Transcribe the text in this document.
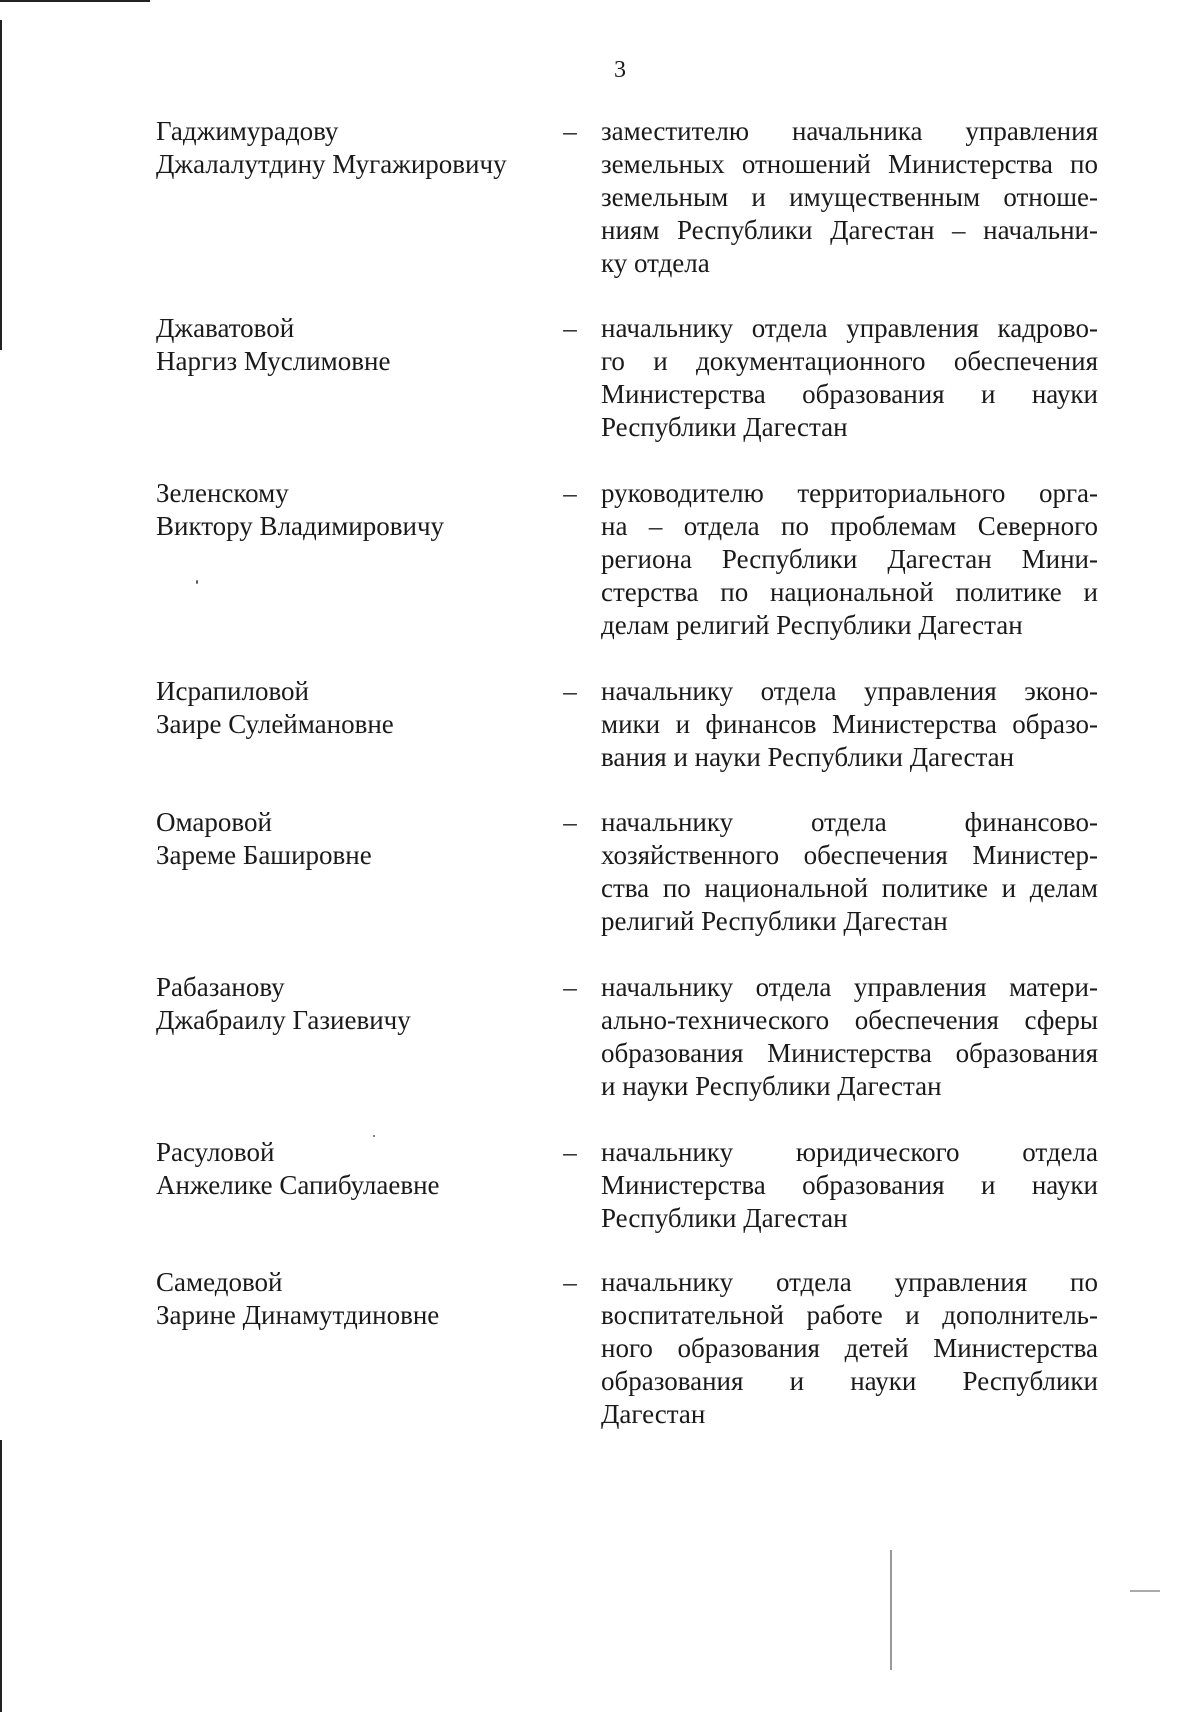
3
Гаджимурадову
Джалалутдину Мугажировичу
– заместителю начальника управления
земельных отношений Министерства по
земельным и имущественным отноше-
ниям Республики Дагестан – начальни-
ку отдела
Джаватовой
Наргиз Муслимовне
– начальнику отдела управления кадрово-
го и документационного обеспечения
Министерства образования и науки
Республики Дагестан
Зеленскому
Виктору Владимировичу
– руководителю территориального орга-
на – отдела по проблемам Северного
региона Республики Дагестан Мини-
стерства по национальной политике и
делам религий Республики Дагестан
Исрапиловой
Заире Сулеймановне
– начальнику отдела управления эконо-
мики и финансов Министерства образо-
вания и науки Республики Дагестан
Омаровой
Зареме Башировне
– начальнику отдела финансово-
хозяйственного обеспечения Министер-
ства по национальной политике и делам
религий Республики Дагестан
Рабазанову
Джабраилу Газиевичу
– начальнику отдела управления матери-
ально-технического обеспечения сферы
образования Министерства образования
и науки Республики Дагестан
Расуловой
Анжелике Сапибулаевне
– начальнику юридического отдела
Министерства образования и науки
Республики Дагестан
Самедовой
Зарине Динамутдиновне
– начальнику отдела управления по
воспитательной работе и дополнитель-
ного образования детей Министерства
образования и науки Республики
Дагестан
